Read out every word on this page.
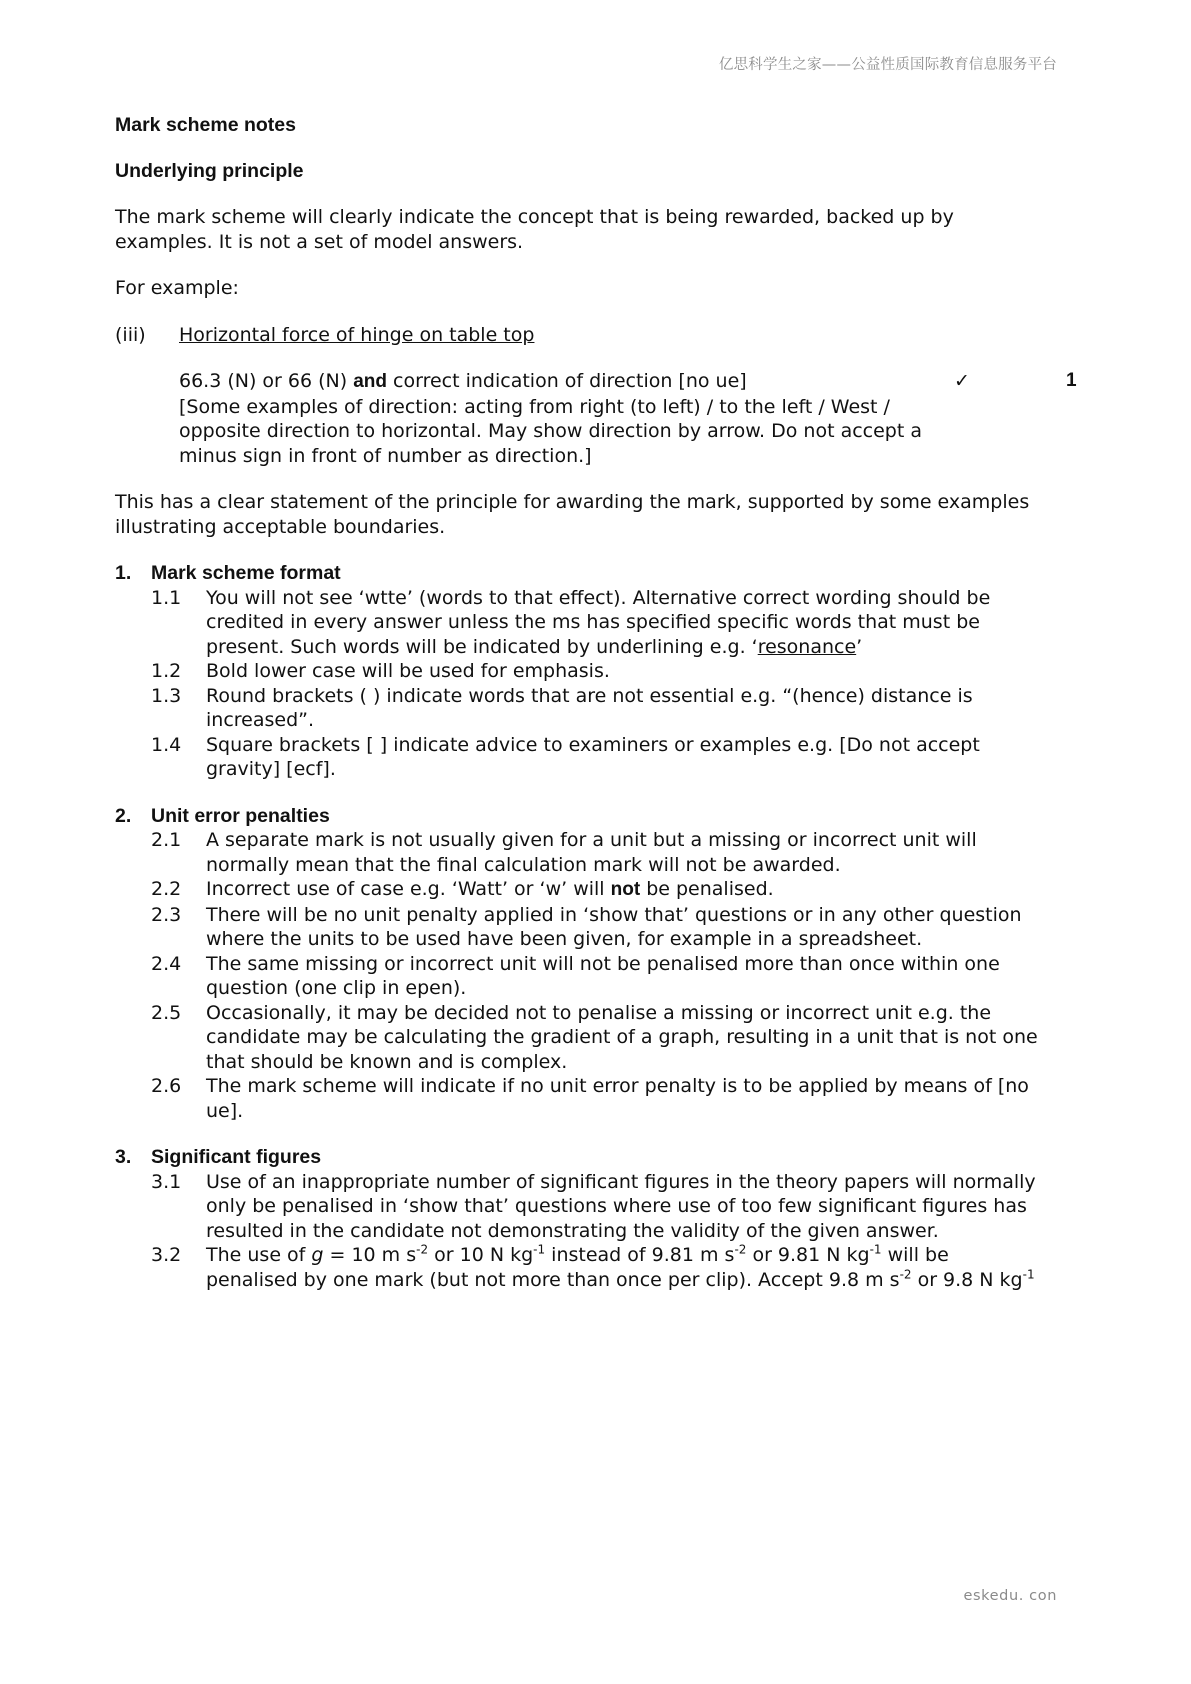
亿思科学生之家——公益性质国际教育信息服务平台

Mark scheme notes

Underlying principle

The mark scheme will clearly indicate the concept that is being rewarded, backed up by examples. It is not a set of model answers.

For example:

(iii)	Horizontal force of hinge on table top
66.3 (N) or 66 (N) and correct indication of direction [no ue]
[Some examples of direction: acting from right (to left) / to the left / West / opposite direction to horizontal. May show direction by arrow. Do not accept a minus sign in front of number as direction.]
✓	1

This has a clear statement of the principle for awarding the mark, supported by some examples illustrating acceptable boundaries.

1.	Mark scheme format
1.1	You will not see ‘wtte’ (words to that effect). Alternative correct wording should be credited in every answer unless the ms has specified specific words that must be present. Such words will be indicated by underlining e.g. ‘resonance’
1.2	Bold lower case will be used for emphasis.
1.3	Round brackets ( ) indicate words that are not essential e.g. “(hence) distance is increased”.
1.4	Square brackets [ ] indicate advice to examiners or examples e.g. [Do not accept gravity] [ecf].
2.	Unit error penalties
2.1	A separate mark is not usually given for a unit but a missing or incorrect unit will normally mean that the final calculation mark will not be awarded.
2.2	Incorrect use of case e.g. ‘Watt’ or ‘w’ will not be penalised.
2.3	There will be no unit penalty applied in ‘show that’ questions or in any other question where the units to be used have been given, for example in a spreadsheet.
2.4	The same missing or incorrect unit will not be penalised more than once within one question (one clip in epen).
2.5	Occasionally, it may be decided not to penalise a missing or incorrect unit e.g. the candidate may be calculating the gradient of a graph, resulting in a unit that is not one that should be known and is complex.
2.6	The mark scheme will indicate if no unit error penalty is to be applied by means of [no ue].
3.	Significant figures
3.1	Use of an inappropriate number of significant figures in the theory papers will normally only be penalised in ‘show that’ questions where use of too few significant figures has resulted in the candidate not demonstrating the validity of the given answer.
3.2	The use of g = 10 m $s^{-2}$ or 10 N $kg^{-1}$ instead of 9.81 m $s^{-2}$ or 9.81 N $kg^{-1}$ will be penalised by one mark (but not more than once per clip). Accept 9.8 m $s^{-2}$ or 9.8 N $kg^{-1}$
eskedu. con
